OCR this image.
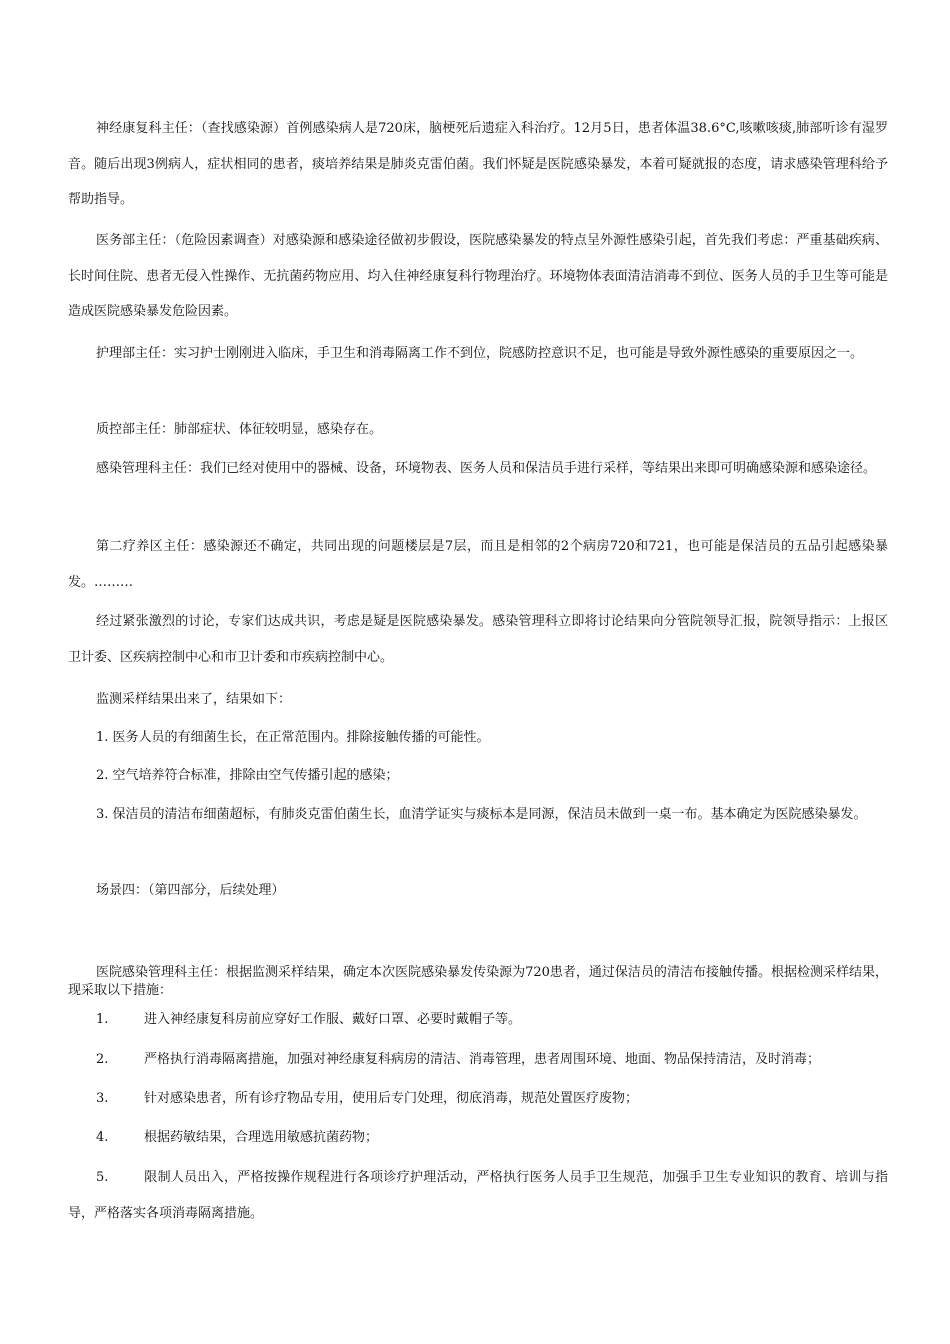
神经康复科主任：（查找感染源）首例感染病人是720床，脑梗死后遗症入科治疗。12月5日，患者体温38.6°C,咳嗽咳痰,肺部听诊有湿罗音。随后出现3例病人，症状相同的患者，痰培养结果是肺炎克雷伯菌。我们怀疑是医院感染暴发，本着可疑就报的态度，请求感染管理科给予帮助指导。

医务部主任：（危险因素调查）对感染源和感染途径做初步假设，医院感染暴发的特点呈外源性感染引起，首先我们考虑：严重基础疾病、长时间住院、患者无侵入性操作、无抗菌药物应用、均入住神经康复科行物理治疗。环境物体表面清洁消毒不到位、医务人员的手卫生等可能是造成医院感染暴发危险因素。

护理部主任：实习护士刚刚进入临床，手卫生和消毒隔离工作不到位，院感防控意识不足，也可能是导致外源性感染的重要原因之一。

质控部主任：肺部症状、体征较明显，感染存在。

感染管理科主任：我们已经对使用中的器械、设备，环境物表、医务人员和保洁员手进行采样，等结果出来即可明确感染源和感染途径。

第二疗养区主任：感染源还不确定，共同出现的问题楼层是7层，而且是相邻的2个病房720和721，也可能是保洁员的五品引起感染暴发。………

经过紧张激烈的讨论，专家们达成共识，考虑是疑是医院感染暴发。感染管理科立即将讨论结果向分管院领导汇报，院领导指示：上报区卫计委、区疾病控制中心和市卫计委和市疾病控制中心。

监测采样结果出来了，结果如下：

1. 医务人员的有细菌生长，在正常范围内。排除接触传播的可能性。

2. 空气培养符合标准，排除由空气传播引起的感染；

3. 保洁员的清洁布细菌超标，有肺炎克雷伯菌生长，血清学证实与痰标本是同源，保洁员未做到一桌一布。基本确定为医院感染暴发。

场景四：（第四部分，后续处理）

医院感染管理科主任：根据监测采样结果，确定本次医院感染暴发传染源为720患者，通过保洁员的清洁布接触传播。根据检测采样结果，现采取以下措施：

1.	进入神经康复科房前应穿好工作服、戴好口罩、必要时戴帽子等。
2.	严格执行消毒隔离措施，加强对神经康复科病房的清洁、消毒管理，患者周围环境、地面、物品保持清洁，及时消毒；
3.	针对感染患者，所有诊疗物品专用，使用后专门处理，彻底消毒，规范处置医疗废物；
4.	根据药敏结果，合理选用敏感抗菌药物；
5.	限制人员出入，严格按操作规程进行各项诊疗护理活动，严格执行医务人员手卫生规范，加强手卫生专业知识的教育、培训与指导，严格落实各项消毒隔离措施。
